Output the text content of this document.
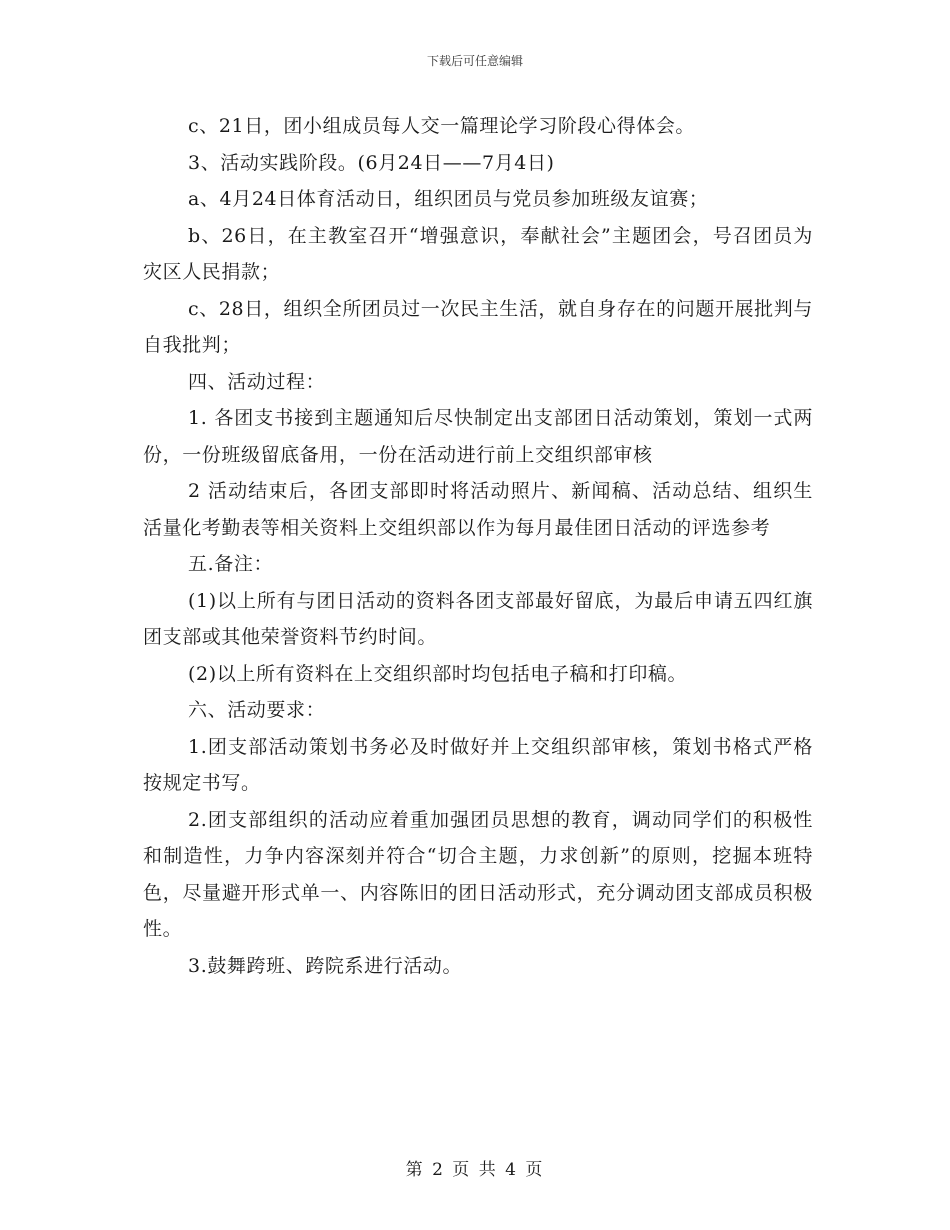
下载后可任意编辑

c、21日，团小组成员每人交一篇理论学习阶段心得体会。

3、活动实践阶段。(6月24日——7月4日)

a、4月24日体育活动日，组织团员与党员参加班级友谊赛；

b、26日，在主教室召开“增强意识，奉献社会”主题团会，号召团员为灾区人民捐款；

c、28日，组织全所团员过一次民主生活，就自身存在的问题开展批判与自我批判；

四、活动过程：

1. 各团支书接到主题通知后尽快制定出支部团日活动策划，策划一式两份，一份班级留底备用，一份在活动进行前上交组织部审核

2 活动结束后，各团支部即时将活动照片、新闻稿、活动总结、组织生活量化考勤表等相关资料上交组织部以作为每月最佳团日活动的评选参考

五.备注：

(1)以上所有与团日活动的资料各团支部最好留底，为最后申请五四红旗团支部或其他荣誉资料节约时间。

(2)以上所有资料在上交组织部时均包括电子稿和打印稿。

六、活动要求：

1.团支部活动策划书务必及时做好并上交组织部审核，策划书格式严格按规定书写。

2.团支部组织的活动应着重加强团员思想的教育，调动同学们的积极性和制造性，力争内容深刻并符合“切合主题，力求创新”的原则，挖掘本班特色，尽量避开形式单一、内容陈旧的团日活动形式，充分调动团支部成员积极性。

3.鼓舞跨班、跨院系进行活动。

第 2 页 共 4 页
